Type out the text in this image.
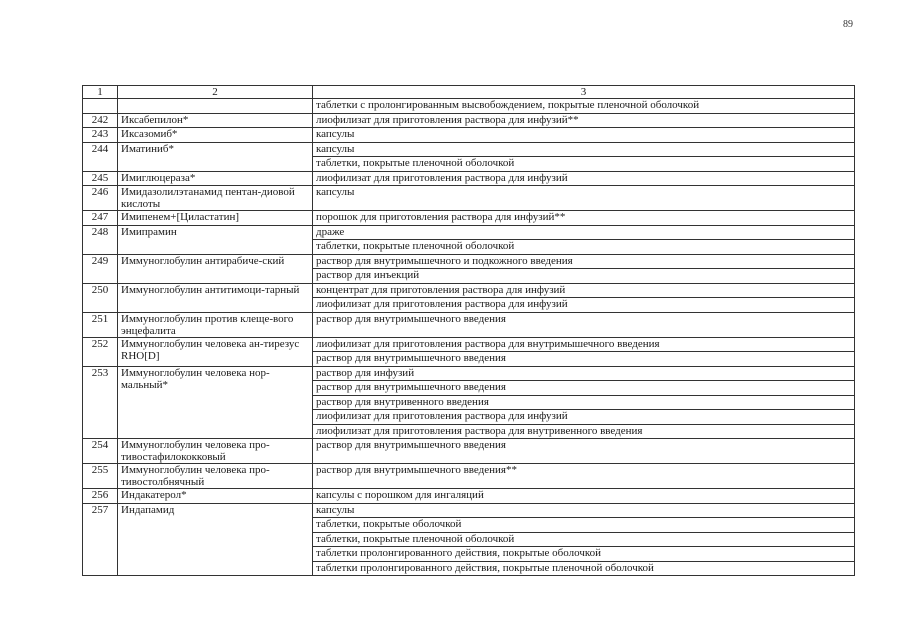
89
1	2	3
		таблетки с пролонгированным высвобождением, покрытые пленочной оболочкой
242	Иксабепилон*	лиофилизат для приготовления раствора для инфузий**
243	Иксазомиб*	капсулы
244	Иматиниб*	капсулы
		таблетки, покрытые пленочной оболочкой
245	Имиглюцераза*	лиофилизат для приготовления раствора для инфузий
246	Имидазолилэтанамид пентан-диовой кислоты	капсулы
247	Имипенем+[Циластатин]	порошок для приготовления раствора для инфузий**
248	Имипрамин	драже
		таблетки, покрытые пленочной оболочкой
249	Иммуноглобулин антирабиче-ский	раствор для внутримышечного и подкожного введения
		раствор для инъекций
250	Иммуноглобулин антитимоци-тарный	концентрат для приготовления раствора для инфузий
		лиофилизат для приготовления раствора для инфузий
251	Иммуноглобулин против клеще-вого энцефалита	раствор для внутримышечного введения
252	Иммуноглобулин человека ан-тирезус RHO[D]	лиофилизат для приготовления раствора для внутримышечного введения
		раствор для внутримышечного введения
253	Иммуноглобулин человека нор-мальный*	раствор для инфузий
		раствор для внутримышечного введения
		раствор для внутривенного введения
		лиофилизат для приготовления раствора для инфузий
		лиофилизат для приготовления раствора для внутривенного введения
254	Иммуноглобулин человека про-тивостафилококковый	раствор для внутримышечного введения
255	Иммуноглобулин человека про-тивостолбнячный	раствор для внутримышечного введения**
256	Индакатерол*	капсулы с порошком для ингаляций
257	Индапамид	капсулы
		таблетки, покрытые оболочкой
		таблетки, покрытые пленочной оболочкой
		таблетки пролонгированного действия, покрытые оболочкой
		таблетки пролонгированного действия, покрытые пленочной оболочкой
